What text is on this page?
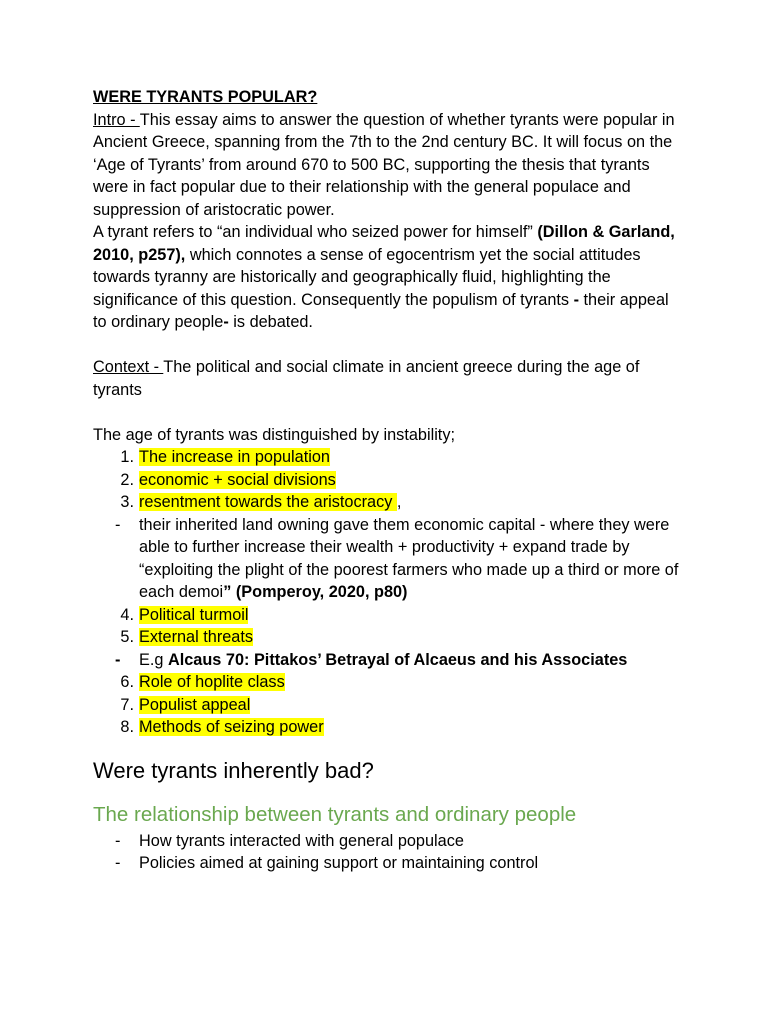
WERE TYRANTS POPULAR?

Intro - This essay aims to answer the question of whether tyrants were popular in Ancient Greece, spanning from the 7th to the 2nd century BC. It will focus on the ‘Age of Tyrants’ from around 670 to 500 BC, supporting the thesis that tyrants were in fact popular due to their relationship with the general populace and suppression of aristocratic power.

A tyrant refers to “an individual who seized power for himself” (Dillon & Garland, 2010, p257), which connotes a sense of egocentrism yet the social attitudes towards tyranny are historically and geographically fluid, highlighting the significance of this question. Consequently the populism of tyrants - their appeal to ordinary people- is debated.

Context - The political and social climate in ancient greece during the age of tyrants

The age of tyrants was distinguished by instability;

1. The increase in population
2. economic + social divisions
3. resentment towards the aristocracy ,
-	their inherited land owning gave them economic capital - where they were able to further increase their wealth + productivity + expand trade by “exploiting the plight of the poorest farmers who made up a third or more of each demoi” (Pomperoy, 2020, p80)
4. Political turmoil
5. External threats
-	E.g Alcaus 70: Pittakos’ Betrayal of Alcaeus and his Associates
6. Role of hoplite class
7. Populist appeal
8. Methods of seizing power
Were tyrants inherently bad?
The relationship between tyrants and ordinary people
- How tyrants interacted with general populace
- Policies aimed at gaining support or maintaining control
